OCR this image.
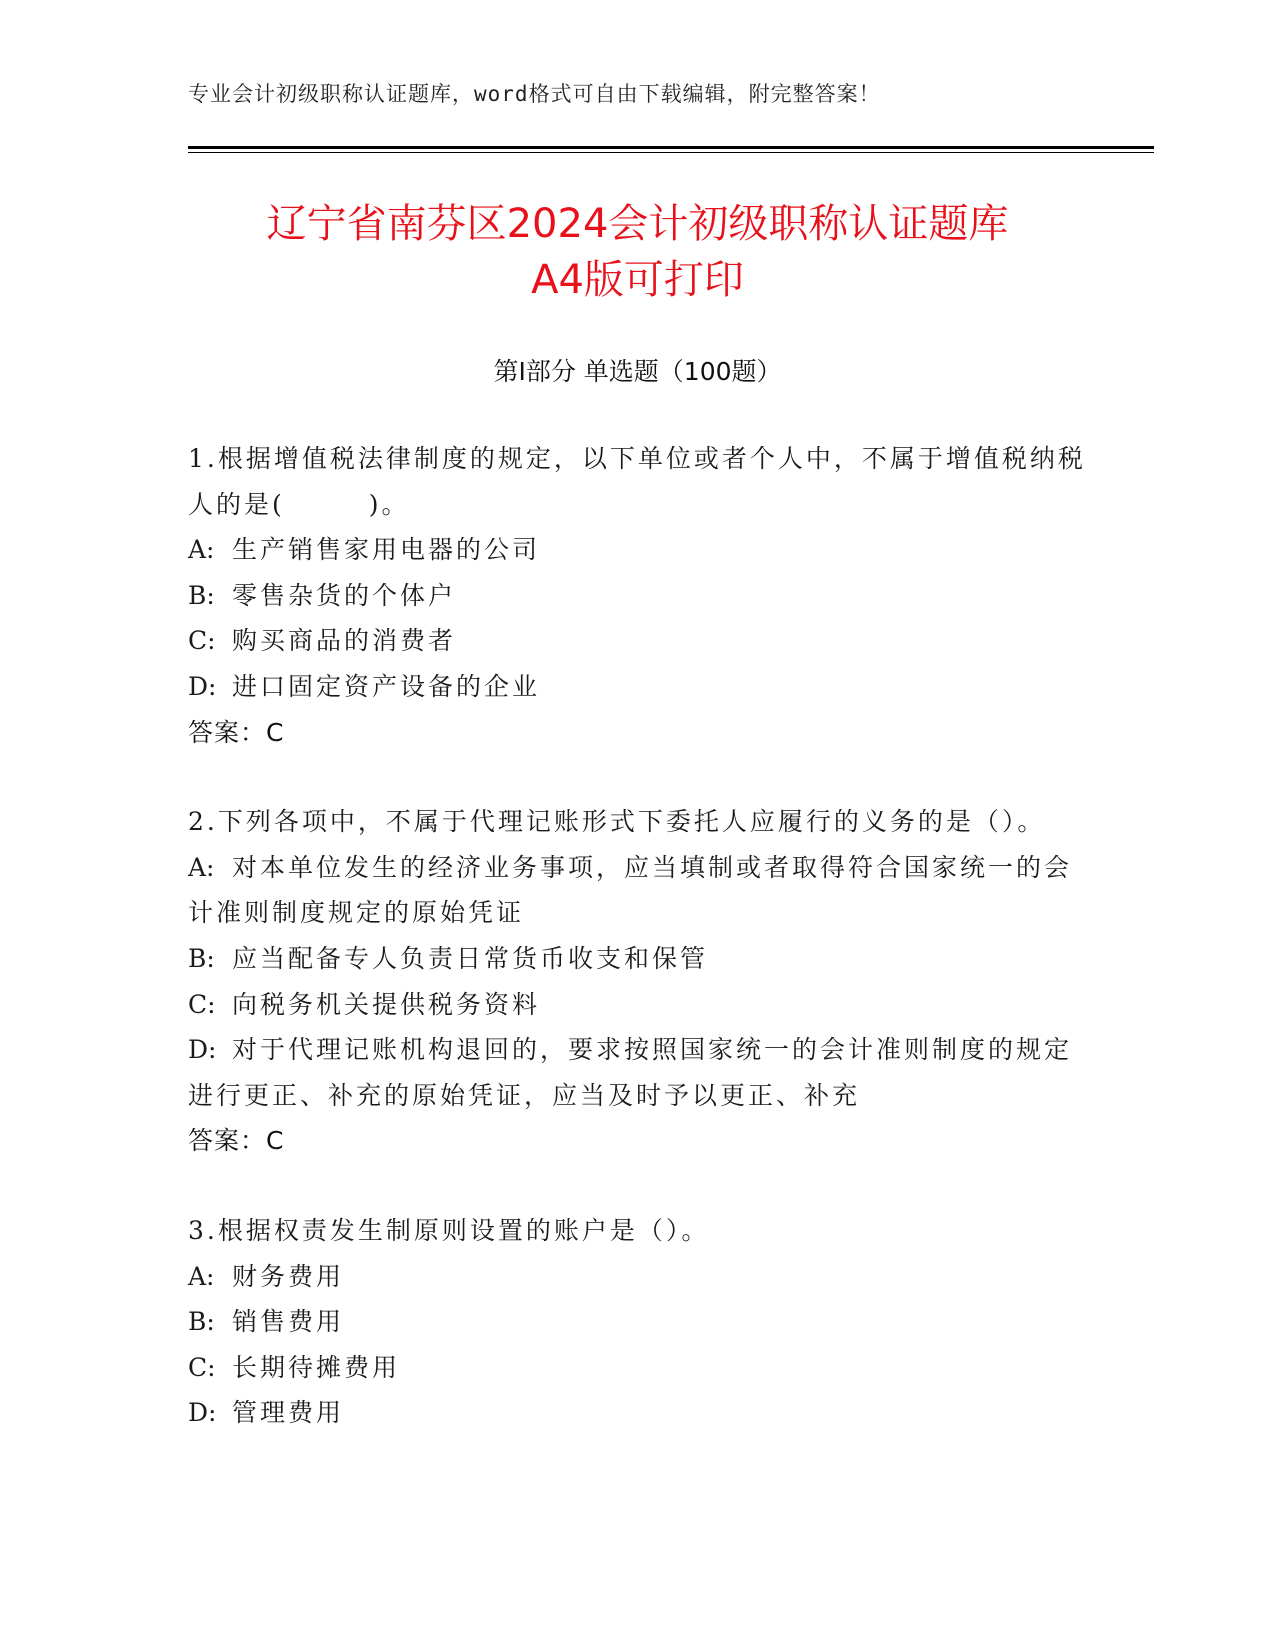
专业会计初级职称认证题库，word格式可自由下载编辑，附完整答案！
辽宁省南芬区2024会计初级职称认证题库
A4版可打印
第Ⅰ部分 单选题（100题）

1.根据增值税法律制度的规定，以下单位或者个人中，不属于增值税纳税人的是(　　　)。

A: 生产销售家用电器的公司

B: 零售杂货的个体户

C: 购买商品的消费者

D: 进口固定资产设备的企业

答案：C

2.下列各项中，不属于代理记账形式下委托人应履行的义务的是（）。

A: 对本单位发生的经济业务事项，应当填制或者取得符合国家统一的会计准则制度规定的原始凭证

B: 应当配备专人负责日常货币收支和保管

C: 向税务机关提供税务资料

D: 对于代理记账机构退回的，要求按照国家统一的会计准则制度的规定进行更正、补充的原始凭证，应当及时予以更正、补充

答案：C

3.根据权责发生制原则设置的账户是（）。

A: 财务费用

B: 销售费用

C: 长期待摊费用

D: 管理费用
